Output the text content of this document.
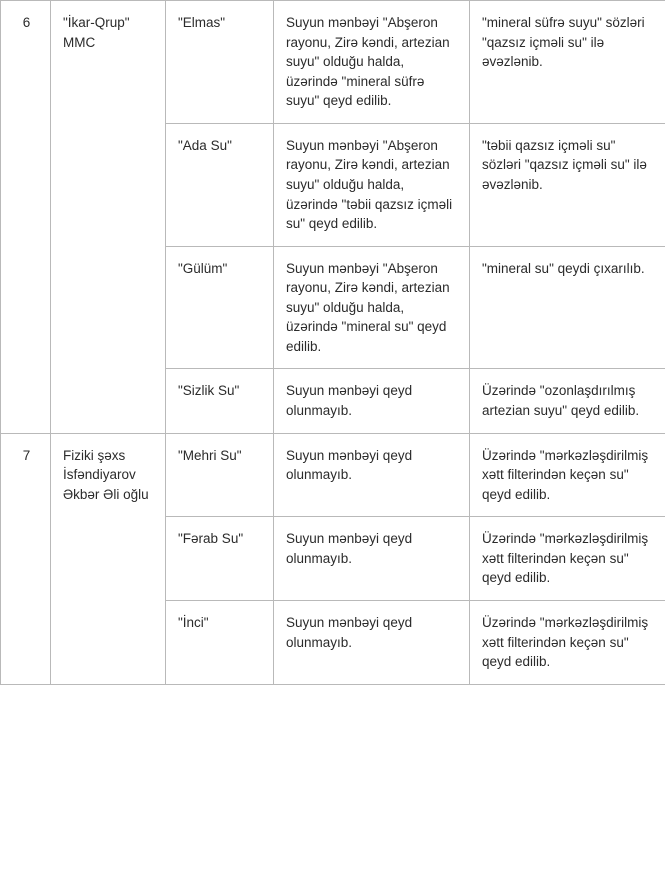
6	"İkar-Qrup" MMC	"Elmas"	Suyun mənbəyi "Abşeron rayonu, Zirə kəndi, artezian suyu" olduğu halda, üzərində "mineral süfrə suyu" qeyd edilib.	"mineral süfrə suyu" sözləri "qazsız içməli su" ilə əvəzlənib.

		"Ada Su"	Suyun mənbəyi "Abşeron rayonu, Zirə kəndi, artezian suyu" olduğu halda, üzərində "təbii qazsız içməli su" qeyd edilib.	"təbii qazsız içməli su" sözləri "qazsız içməli su" ilə əvəzlənib.

		"Gülüm"	Suyun mənbəyi "Abşeron rayonu, Zirə kəndi, artezian suyu" olduğu halda, üzərində "mineral su" qeyd edilib.	"mineral su" qeydi çıxarılıb.

		"Sizlik Su"	Suyun mənbəyi qeyd olunmayıb.	Üzərində "ozonlaşdırılmış artezian suyu" qeyd edilib.

7	Fiziki şəxs İsfəndiyarov Əkbər Əli oğlu	"Mehri Su"	Suyun mənbəyi qeyd olunmayıb.	Üzərində "mərkəzləşdirilmiş xətt filterindən keçən su" qeyd edilib.

		"Fərab Su"	Suyun mənbəyi qeyd olunmayıb.	Üzərində "mərkəzləşdirilmiş xətt filterindən keçən su" qeyd edilib.

		"İnci"	Suyun mənbəyi qeyd olunmayıb.	Üzərində "mərkəzləşdirilmiş xətt filterindən keçən su" qeyd edilib.
